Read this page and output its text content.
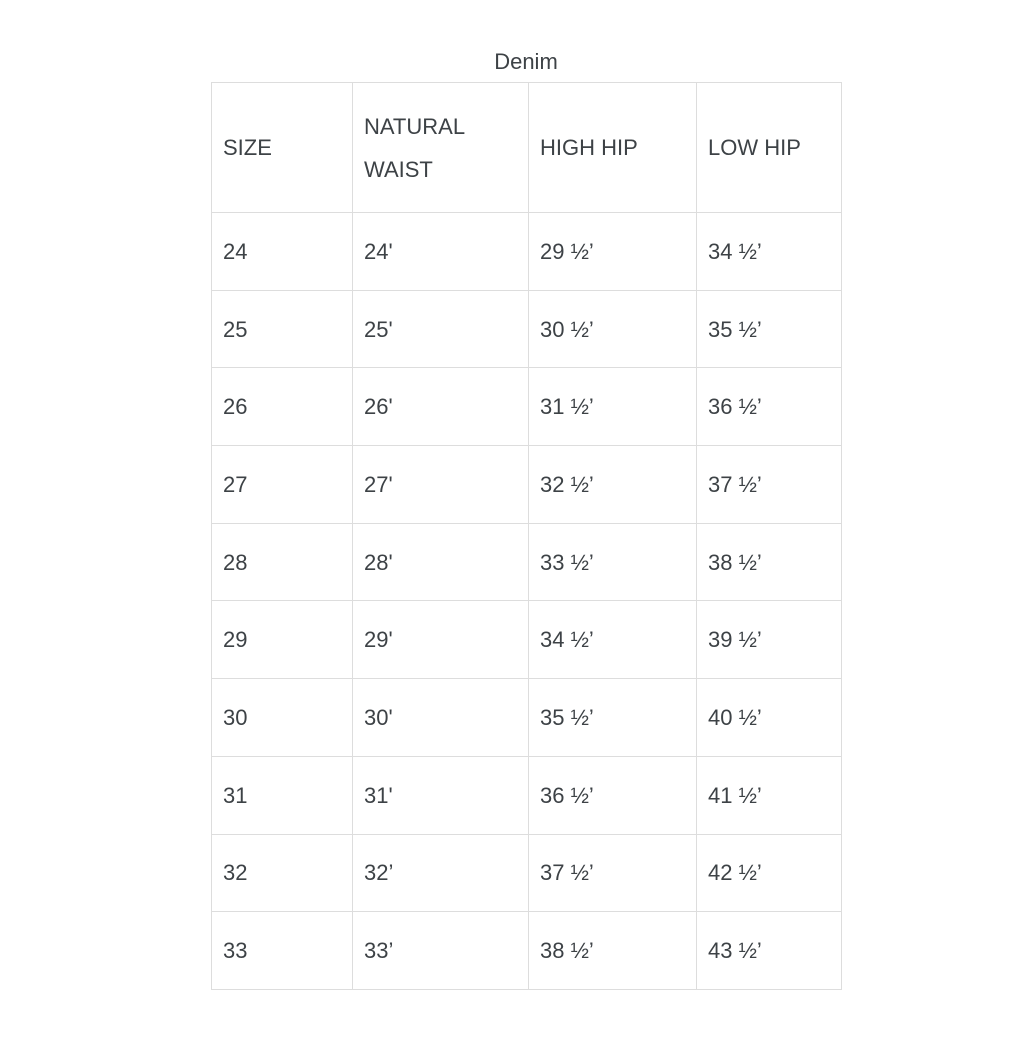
Denim
SIZE	NATURAL WAIST	HIGH HIP	LOW HIP
24	24'	29 ½’	34 ½’
25	25'	30 ½’	35 ½’
26	26'	31 ½’	36 ½’
27	27'	32 ½’	37 ½’
28	28'	33 ½’	38 ½’
29	29'	34 ½’	39 ½’
30	30'	35 ½’	40 ½’
31	31'	36 ½’	41 ½’
32	32’	37 ½’	42 ½’
33	33’	38 ½’	43 ½’
